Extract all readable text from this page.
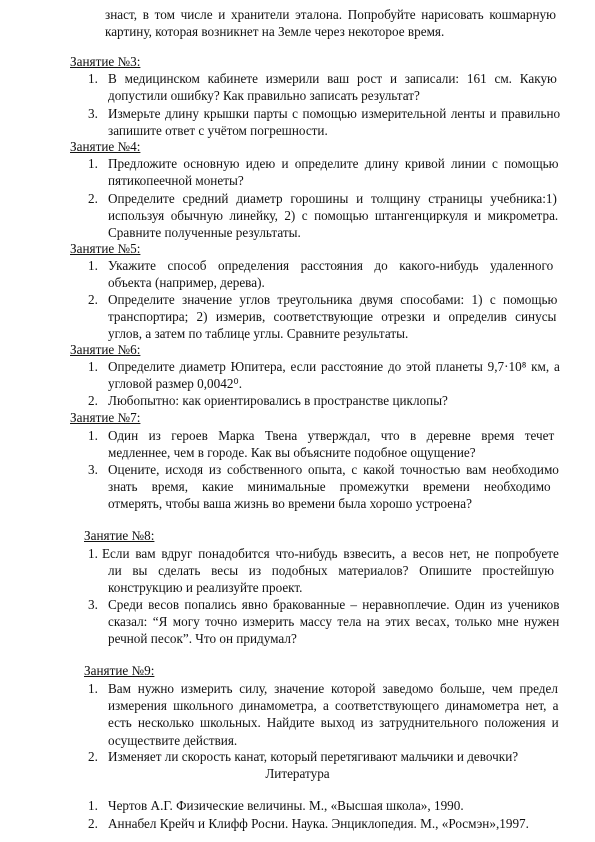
знаст, в том числе и хранители эталона. Попробуйте нарисовать кошмарную
картину, которая возникнет на Земле через некоторое время.
Занятие №3:
1. В медицинском кабинете измерили ваш рост и записали: 161 см. Какую
допустили ошибку? Как правильно записать результат?
3. Измерьте длину крышки парты с помощью измерительной ленты и правильно
запишите ответ с учётом погрешности.
Занятие №4:
1. Предложите основную идею и определите длину кривой линии с помощью
пятикопеечной монеты?
2. Определите средний диаметр горошины и толщину страницы учебника:1)
используя обычную линейку, 2) с помощью штангенциркуля и микрометра.
Сравните полученные результаты.
Занятие №5:
1. Укажите способ определения расстояния до какого-нибудь удаленного
объекта (например, дерева).
2. Определите значение углов треугольника двумя способами: 1) с помощью
транспортира; 2) измерив, соответствующие отрезки и определив синусы
углов, а затем по таблице углы. Сравните результаты.
Занятие №6:
1. Определите диаметр Юпитера, если расстояние до этой планеты 9,7·10⁸ км, а
угловой размер 0,0042⁰.
2. Любопытно: как ориентировались в пространстве циклопы?
Занятие №7:
1. Один из героев Марка Твена утверждал, что в деревне время течет
медленнее, чем в городе. Как вы объясните подобное ощущение?
3. Оцените, исходя из собственного опыта, с какой точностью вам необходимо
знать время, какие минимальные промежутки времени необходимо
отмерять, чтобы ваша жизнь во времени была хорошо устроена?
Занятие №8:
1. Если вам вдруг понадобится что-нибудь взвесить, а весов нет, не попробуете
ли вы сделать весы из подобных материалов? Опишите простейшую
конструкцию и реализуйте проект.
3. Среди весов попались явно бракованные – неравноплечие. Один из учеников
сказал: “Я могу точно измерить массу тела на этих весах, только мне нужен
речной песок”. Что он придумал?
Занятие №9:
1. Вам нужно измерить силу, значение которой заведомо больше, чем предел
измерения школьного динамометра, а соответствующего динамометра нет, а
есть несколько школьных. Найдите выход из затруднительного положения и
осуществите действия.
2. Изменяет ли скорость канат, который перетягивают мальчики и девочки?
Литература
1. Чертов А.Г. Физические величины. М., «Высшая школа», 1990.
2. Аннабел Крейч и Клифф Росни. Наука. Энциклопедия. М., «Росмэн»,1997.
